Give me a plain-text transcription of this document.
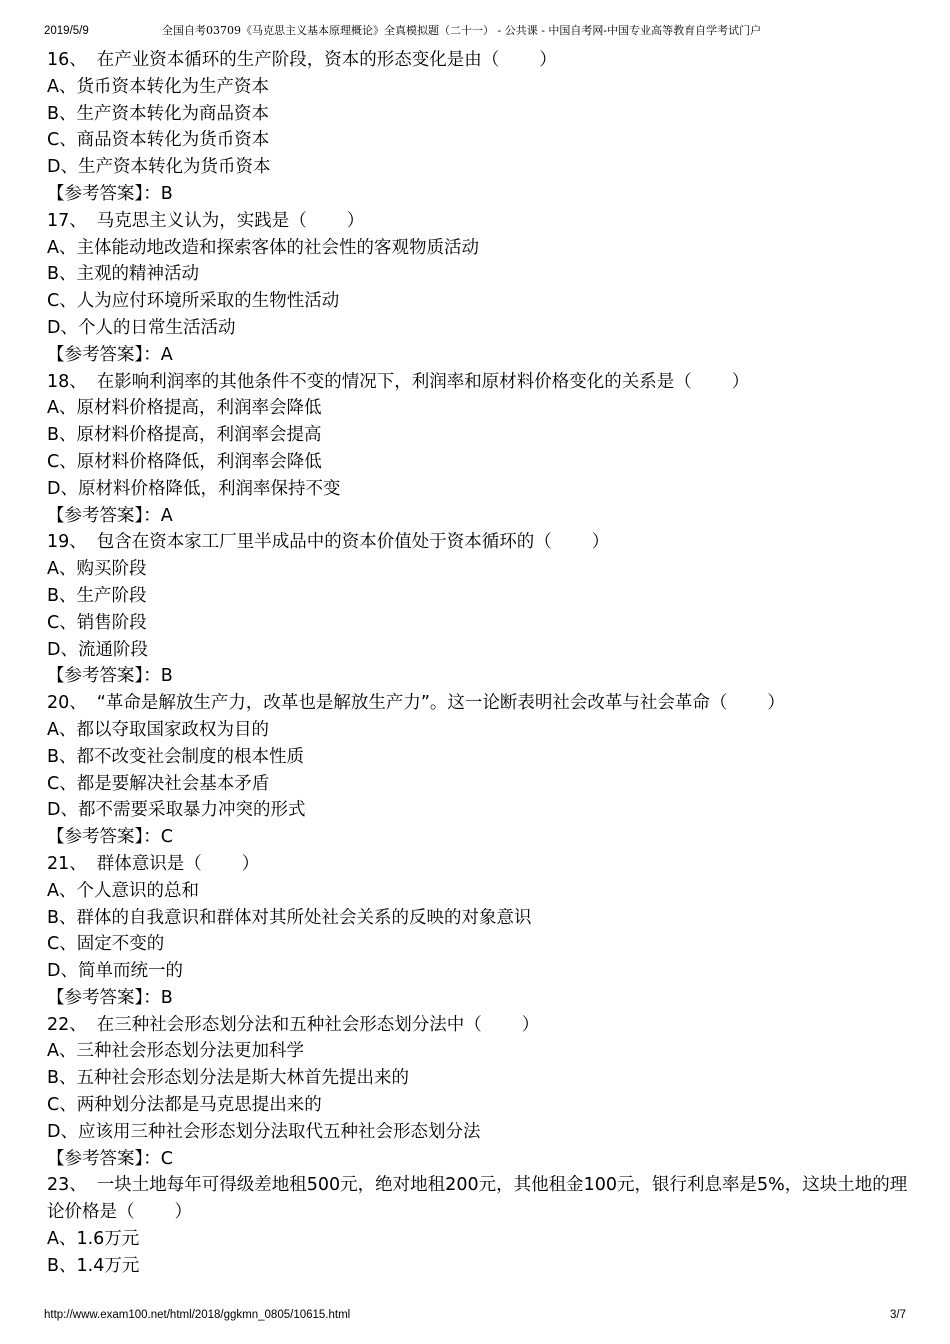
2019/5/9	全国自考03709《马克思主义基本原理概论》全真模拟题（二十一） - 公共课 - 中国自考网-中国专业高等教育自学考试门户
16、 在产业资本循环的生产阶段，资本的形态变化是由（ ）
A、货币资本转化为生产资本
B、生产资本转化为商品资本
C、商品资本转化为货币资本
D、生产资本转化为货币资本
【参考答案】：B
17、 马克思主义认为，实践是（ ）
A、主体能动地改造和探索客体的社会性的客观物质活动
B、主观的精神活动
C、人为应付环境所采取的生物性活动
D、个人的日常生活活动
【参考答案】：A
18、 在影响利润率的其他条件不变的情况下，利润率和原材料价格变化的关系是（ ）
A、原材料价格提高，利润率会降低
B、原材料价格提高，利润率会提高
C、原材料价格降低，利润率会降低
D、原材料价格降低，利润率保持不变
【参考答案】：A
19、 包含在资本家工厂里半成品中的资本价值处于资本循环的（ ）
A、购买阶段
B、生产阶段
C、销售阶段
D、流通阶段
【参考答案】：B
20、 “革命是解放生产力，改革也是解放生产力”。这一论断表明社会改革与社会革命（ ）
A、都以夺取国家政权为目的
B、都不改变社会制度的根本性质
C、都是要解决社会基本矛盾
D、都不需要采取暴力冲突的形式
【参考答案】：C
21、 群体意识是（ ）
A、个人意识的总和
B、群体的自我意识和群体对其所处社会关系的反映的对象意识
C、固定不变的
D、简单而统一的
【参考答案】：B
22、 在三种社会形态划分法和五种社会形态划分法中（ ）
A、三种社会形态划分法更加科学
B、五种社会形态划分法是斯大林首先提出来的
C、两种划分法都是马克思提出来的
D、应该用三种社会形态划分法取代五种社会形态划分法
【参考答案】：C
23、 一块土地每年可得级差地租500元，绝对地租200元，其他租金100元，银行利息率是5%，这块土地的理论价格是（ ）
A、1.6万元
B、1.4万元
http://www.exam100.net/html/2018/ggkmn_0805/10615.html	3/7
